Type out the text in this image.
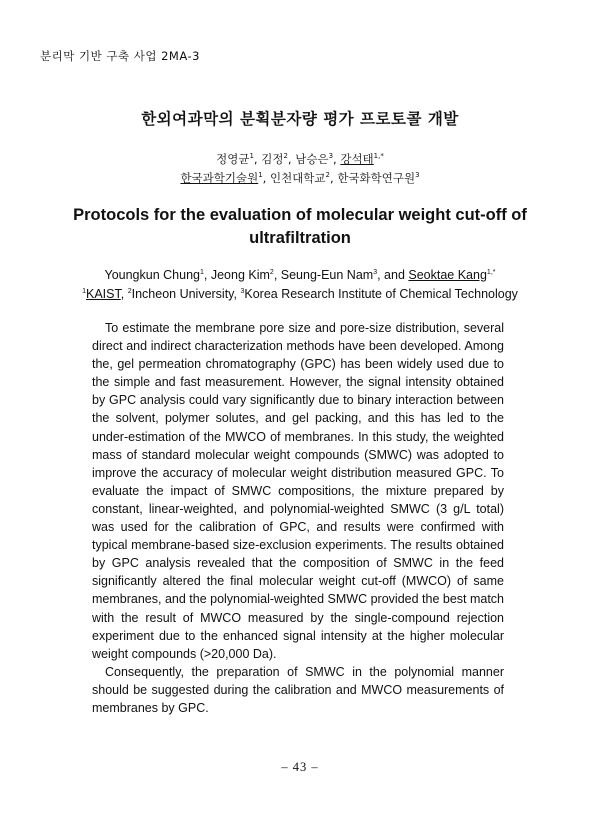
분리막 기반 구축 사업 2MA-3
한외여과막의 분획분자량 평가 프로토콜 개발
정영균$^1$, 김정$^2$, 남승은$^3$, 강석태$^{1,*}$
한국과학기술원$^1$, 인천대학교$^2$, 한국화학연구원$^3$
Protocols for the evaluation of molecular weight cut-off of ultrafiltration
Youngkun Chung$^1$, Jeong Kim$^2$, Seung-Eun Nam$^3$, and Seoktae Kang$^{1,*}$
$^1$KAIST, $^2$Incheon University, $^3$Korea Research Institute of Chemical Technology

To estimate the membrane pore size and pore-size distribution, several direct and indirect characterization methods have been developed. Among the, gel permeation chromatography (GPC) has been widely used due to the simple and fast measurement. However, the signal intensity obtained by GPC analysis could vary significantly due to binary interaction between the solvent, polymer solutes, and gel packing, and this has led to the under-estimation of the MWCO of membranes. In this study, the weighted mass of standard molecular weight compounds (SMWC) was adopted to improve the accuracy of molecular weight distribution measured GPC. To evaluate the impact of SMWC compositions, the mixture prepared by constant, linear-weighted, and polynomial-weighted SMWC (3 g/L total) was used for the calibration of GPC, and results were confirmed with typical membrane-based size-exclusion experiments. The results obtained by GPC analysis revealed that the composition of SMWC in the feed significantly altered the final molecular weight cut-off (MWCO) of same membranes, and the polynomial-weighted SMWC provided the best match with the result of MWCO measured by the single-compound rejection experiment due to the enhanced signal intensity at the higher molecular weight compounds (>20,000 Da).

Consequently, the preparation of SMWC in the polynomial manner should be suggested during the calibration and MWCO measurements of membranes by GPC.

– 43 –
